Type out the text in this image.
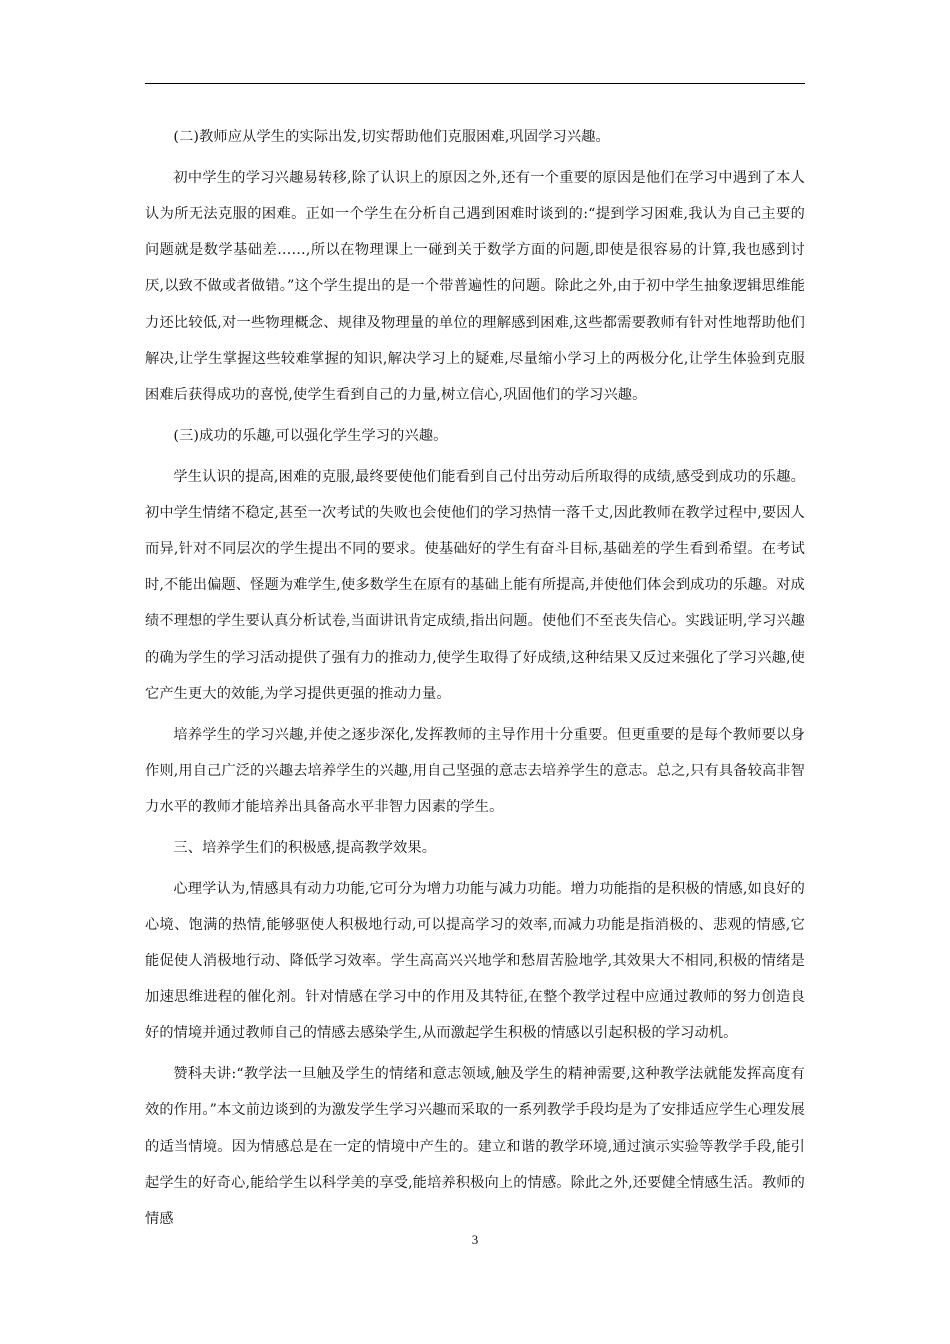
(二)教师应从学生的实际出发,切实帮助他们克服困难,巩固学习兴趣。

初中学生的学习兴趣易转移,除了认识上的原因之外,还有一个重要的原因是他们在学习中遇到了本人认为所无法克服的困难。正如一个学生在分析自己遇到困难时谈到的:“提到学习困难,我认为自己主要的问题就是数学基础差……,所以在物理课上一碰到关于数学方面的问题,即使是很容易的计算,我也感到讨厌,以致不做或者做错。”这个学生提出的是一个带普遍性的问题。除此之外,由于初中学生抽象逻辑思维能力还比较低,对一些物理概念、规律及物理量的单位的理解感到困难,这些都需要教师有针对性地帮助他们解决,让学生掌握这些较难掌握的知识,解决学习上的疑难,尽量缩小学习上的两极分化,让学生体验到克服困难后获得成功的喜悦,使学生看到自己的力量,树立信心,巩固他们的学习兴趣。

(三)成功的乐趣,可以强化学生学习的兴趣。

学生认识的提高,困难的克服,最终要使他们能看到自己付出劳动后所取得的成绩,感受到成功的乐趣。初中学生情绪不稳定,甚至一次考试的失败也会使他们的学习热情一落千丈,因此教师在教学过程中,要因人而异,针对不同层次的学生提出不同的要求。使基础好的学生有奋斗目标,基础差的学生看到希望。在考试时,不能出偏题、怪题为难学生,使多数学生在原有的基础上能有所提高,并使他们体会到成功的乐趣。对成绩不理想的学生要认真分析试卷,当面讲讯肯定成绩,指出问题。使他们不至丧失信心。实践证明,学习兴趣的确为学生的学习活动提供了强有力的推动力,使学生取得了好成绩,这种结果又反过来强化了学习兴趣,使它产生更大的效能,为学习提供更强的推动力量。

培养学生的学习兴趣,并使之逐步深化,发挥教师的主导作用十分重要。但更重要的是每个教师要以身作则,用自己广泛的兴趣去培养学生的兴趣,用自己坚强的意志去培养学生的意志。总之,只有具备较高非智力水平的教师才能培养出具备高水平非智力因素的学生。

三、培养学生们的积极感,提高教学效果。

心理学认为,情感具有动力功能,它可分为增力功能与减力功能。增力功能指的是积极的情感,如良好的心境、饱满的热情,能够驱使人积极地行动,可以提高学习的效率,而减力功能是指消极的、悲观的情感,它能促使人消极地行动、降低学习效率。学生高高兴兴地学和愁眉苦脸地学,其效果大不相同,积极的情绪是加速思维进程的催化剂。针对情感在学习中的作用及其特征,在整个教学过程中应通过教师的努力创造良好的情境并通过教师自己的情感去感染学生,从而激起学生积极的情感以引起积极的学习动机。

赞科夫讲:“教学法一旦触及学生的情绪和意志领域,触及学生的精神需要,这种教学法就能发挥高度有效的作用。”本文前边谈到的为激发学生学习兴趣而采取的一系列教学手段均是为了安排适应学生心理发展的适当情境。因为情感总是在一定的情境中产生的。建立和谐的教学环境,通过演示实验等教学手段,能引起学生的好奇心,能给学生以科学美的享受,能培养积极向上的情感。除此之外,还要健全情感生活。教师的情感

3
